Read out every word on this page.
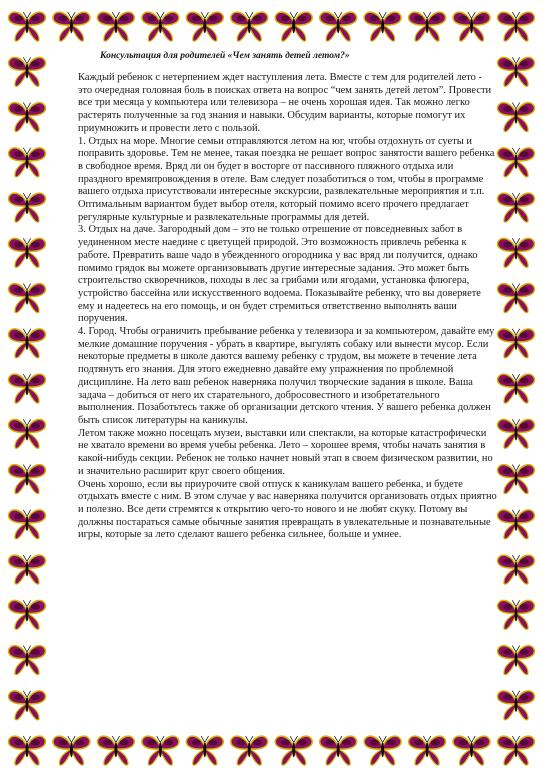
Консультация для родителей «Чем занять детей летом?»

Каждый ребенок с нетерпением ждет наступления лета. Вместе с тем для родителей лето - это очередная головная боль в поисках ответа на вопрос “чем занять детей летом”. Провести все три месяца у компьютера или телевизора – не очень хорошая идея. Так можно легко растерять полученные за год знания и навыки. Обсудим варианты, которые помогут их приумножить и провести лето с пользой.

1. Отдых на море. Многие семьи отправляются летом на юг, чтобы отдохнуть от суеты и поправить здоровье. Тем не менее, такая поездка не решает вопрос занятости вашего ребенка в свободное время. Вряд ли он будет в восторге от пассивного пляжного отдыха или праздного времяпровождения в отеле. Вам следует позаботиться о том, чтобы в программе вашего отдыха присутствовали интересные экскурсии, развлекательные мероприятия и т.п. Оптимальным вариантом будет выбор отеля, который помимо всего прочего предлагает регулярные культурные и развлекательные программы для детей.

3. Отдых на даче. Загородный дом – это не только отрешение от повседневных забот в уединенном месте наедине с цветущей природой. Это возможность привлечь ребенка к работе. Превратить ваше чадо в убежденного огородника у вас вряд ли получится, однако помимо грядок вы можете организовывать другие интересные задания. Это может быть строительство скворечников, походы в лес за грибами или ягодами, установка флюгера, устройство бассейна или искусственного водоема. Показывайте ребенку, что вы доверяете ему и надеетесь на его помощь, и он будет стремиться ответственно выполнять ваши поручения.

4. Город. Чтобы ограничить пребывание ребенка у телевизора и за компьютером, давайте ему мелкие домашние поручения - убрать в квартире, выгулять собаку или вынести мусор. Если некоторые предметы в школе даются вашему ребенку с трудом, вы можете в течение лета подтянуть его знания. Для этого ежедневно давайте ему упражнения по проблемной дисциплине. На лето ваш ребенок наверняка получил творческие задания в школе. Ваша задача – добиться от него их старательного, добросовестного и изобретательного выполнения. Позаботьтесь также об организации детского чтения. У вашего ребенка должен быть список литературы на каникулы.

Летом также можно посещать музеи, выставки или спектакли, на которые катастрофически не хватало времени во время учебы ребенка. Лето – хорошее время, чтобы начать занятия в какой-нибудь секции. Ребенок не только начнет новый этап в своем физическом развитии, но и значительно расширит круг своего общения.

Очень хорошо, если вы приурочите свой отпуск к каникулам вашего ребенка, и будете отдыхать вместе с ним. В этом случае у вас наверняка получится организовать отдых приятно и полезно. Все дети стремятся к открытию чего-то нового и не любят скуку. Потому вы должны постараться самые обычные занятия превращать в увлекательные и познавательные игры, которые за лето сделают вашего ребенка сильнее, больше и умнее.
